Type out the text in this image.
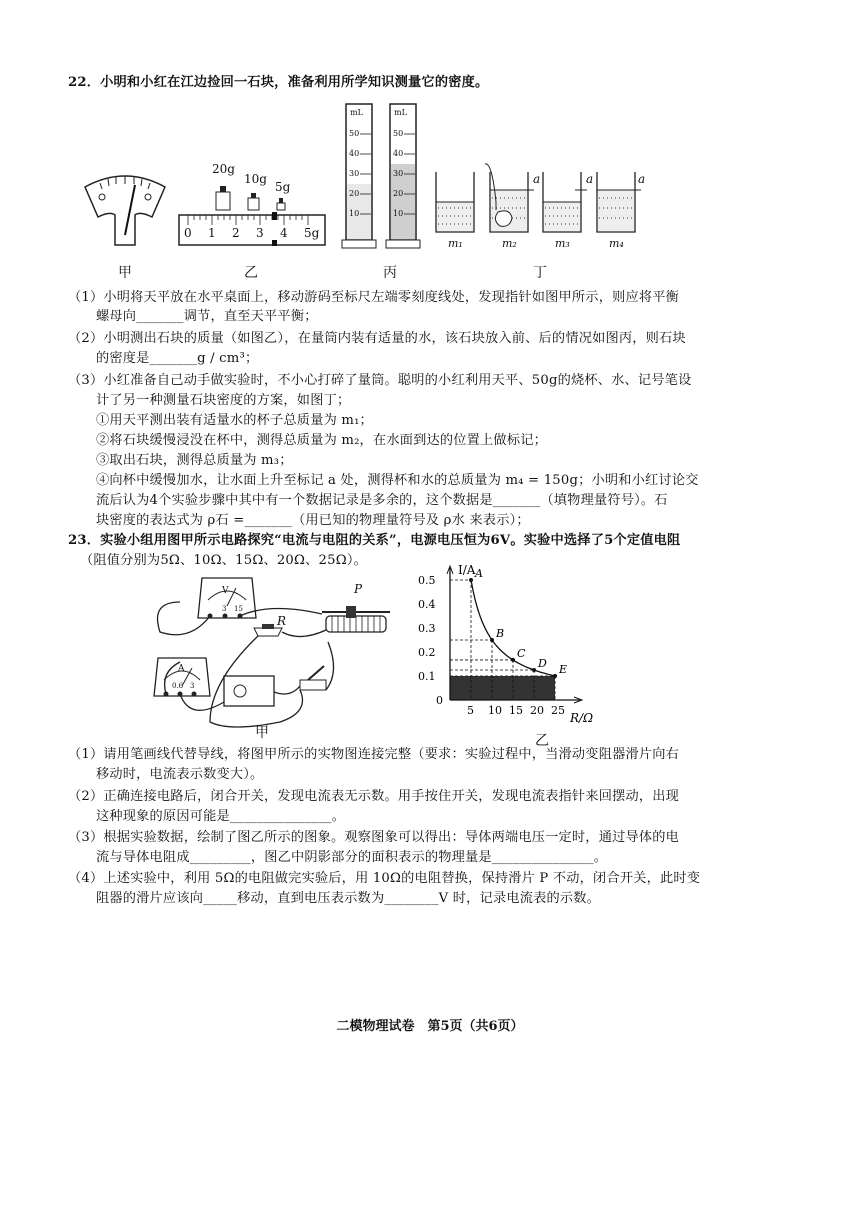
22．小明和小红在江边捡回一石块，准备利用所学知识测量它的密度。
甲
20g
10g
5g
0 1 2 3 4 5g
乙
mL	mL
50
40
30
20
10
50
40
30
20
10
丙
a	a	a
m₁	m₂	m₃	m₄
丁
（1）小明将天平放在水平桌面上，移动游码至标尺左端零刻度线处，发现指针如图甲所示，则应将平衡
螺母向_______调节，直至天平平衡；
（2）小明测出石块的质量（如图乙），在量筒内装有适量的水，该石块放入前、后的情况如图丙，则石块
的密度是_______g / cm³；
（3）小红准备自己动手做实验时，不小心打碎了量筒。聪明的小红利用天平、50g的烧杯、水、记号笔设
计了另一种测量石块密度的方案，如图丁；
①用天平测出装有适量水的杯子总质量为 m₁；
②将石块缓慢浸没在杯中，测得总质量为 m₂，在水面到达的位置上做标记；
③取出石块，测得总质量为 m₃；
④向杯中缓慢加水，让水面上升至标记 a 处，测得杯和水的总质量为 m₄ = 150g；小明和小红讨论交
流后认为4个实验步骤中其中有一个数据记录是多余的，这个数据是_______（填物理量符号）。石
块密度的表达式为 ρ石 =_______（用已知的物理量符号及 ρ水 来表示）；
23．实验小组用图甲所示电路探究“电流与电阻的关系”，电源电压恒为6V。实验中选择了5个定值电阻
（阻值分别为5Ω、10Ω、15Ω、20Ω、25Ω）。
V
3 15
A
0.6 3
P
R
甲
A
B
C
D E
5 10 15 20 25
0.5
0.4
0.3
0.2
0.1
0
I/A
R/Ω
乙
（1）请用笔画线代替导线，将图甲所示的实物图连接完整（要求：实验过程中，当滑动变阻器滑片向右
移动时，电流表示数变大）。
（2）正确连接电路后，闭合开关，发现电流表无示数。用手按住开关，发现电流表指针来回摆动，出现
这种现象的原因可能是_______________。
（3）根据实验数据，绘制了图乙所示的图象。观察图象可以得出：导体两端电压一定时，通过导体的电
流与导体电阻成_________，图乙中阴影部分的面积表示的物理量是_______________。
（4）上述实验中，利用 5Ω的电阻做完实验后，用 10Ω的电阻替换，保持滑片 P 不动，闭合开关，此时变
阻器的滑片应该向_____移动，直到电压表示数为________V 时，记录电流表的示数。
二模物理试卷　第5页（共6页）
